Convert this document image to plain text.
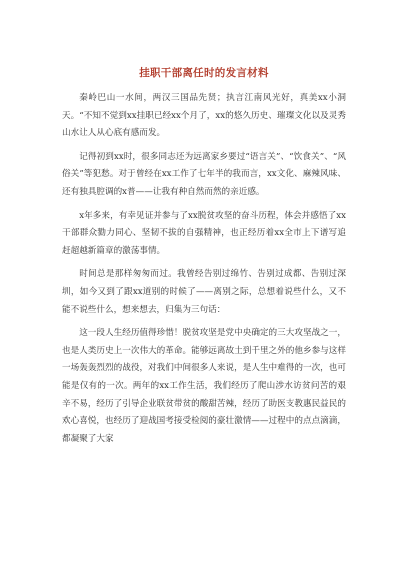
挂职干部离任时的发言材料

秦岭巴山一水间，两汉三国品先贤；执言江南风光好，真美xx小洞天。“不知不觉到xx挂职已经xx个月了，xx的悠久历史、璀璨文化以及灵秀山水让人从心底有感而发。

记得初到xx时，很多同志还为远离家乡要过“语言关”、“饮食关”、“风俗关”等犯愁。对于曾经在xx工作了七年半的我而言，xx文化、麻辣风味、还有独具腔调的x普——让我有种自然而然的亲近感。

x年多来，有幸见证并参与了xx脱贫攻坚的奋斗历程，体会并感悟了xx干部群众勠力同心、坚韧不拔的自强精神，也正经历着xx全市上下谱写追赶超越新篇章的激荡事情。

时间总是那样匆匆而过。我曾经告别过绵竹、告别过成都、告别过深圳，如今又到了跟xx道别的时候了——离别之际，总想着说些什么，又不能不说些什么，想来想去，归集为三句话：

这一段人生经历值得珍惜！脱贫攻坚是党中央确定的三大攻坚战之一，也是人类历史上一次伟大的革命。能够远离故土到千里之外的他乡参与这样一场轰轰烈烈的战役，对我们中间很多人来说，是人生中难得的一次，也可能是仅有的一次。两年的xx工作生活，我们经历了爬山涉水访贫问苦的艰辛不易，经历了引导企业联贫带贫的酸甜苦辣，经历了助医支教惠民益民的欢心喜悦，也经历了迎战国考接受检阅的豪壮激情——过程中的点点滴滴，都凝聚了大家
